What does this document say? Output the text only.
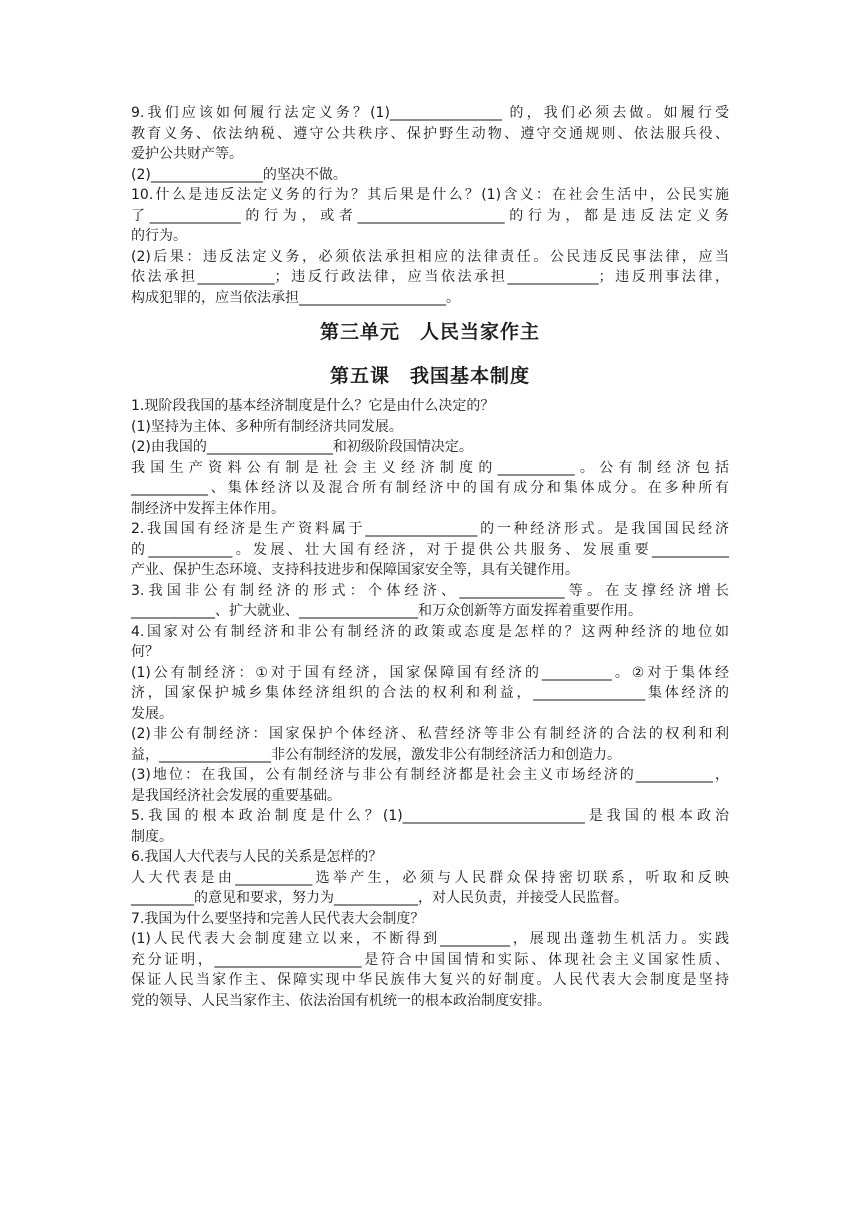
9.我们应该如何履行法定义务？(1)________________ 的，我们必须去做。如履行受
教育义务、依法纳税、遵守公共秩序、保护野生动物、遵守交通规则、依法服兵役、
爱护公共财产等。
(2)________________的坚决不做。
10.什么是违反法定义务的行为？其后果是什么？(1)含义：在社会生活中，公民实施
了_____________的行为，或者_____________________的行为，都是违反法定义务
的行为。
(2)后果：违反法定义务，必须依法承担相应的法律责任。公民违反民事法律，应当
依法承担___________；违反行政法律，应当依法承担_____________；违反刑事法律，
构成犯罪的，应当依法承担_____________________。
第三单元　人民当家作主
第五课　我国基本制度
1.现阶段我国的基本经济制度是什么？它是由什么决定的？
(1)坚持为主体、多种所有制经济共同发展。
(2)由我国的__________________和初级阶段国情决定。
我国生产资料公有制是社会主义经济制度的___________。公有制经济包括
___________、集体经济以及混合所有制经济中的国有成分和集体成分。在多种所有
制经济中发挥主体作用。
2.我国国有经济是生产资料属于________________的一种经济形式。是我国国民经济
的____________。发展、壮大国有经济，对于提供公共服务、发展重要___________
产业、保护生态环境、支持科技进步和保障国家安全等，具有关键作用。
3.我国非公有制经济的形式：个体经济、_______________等。在支撑经济增长
____________、扩大就业、_________________和万众创新等方面发挥着重要作用。
4.国家对公有制经济和非公有制经济的政策或态度是怎样的？这两种经济的地位如
何？
(1)公有制经济：①对于国有经济，国家保障国有经济的__________。②对于集体经
济，国家保护城乡集体经济组织的合法的权利和利益，________________集体经济的
发展。
(2)非公有制经济：国家保护个体经济、私营经济等非公有制经济的合法的权利和利
益，________________非公有制经济的发展，激发非公有制经济活力和创造力。
(3)地位：在我国，公有制经济与非公有制经济都是社会主义市场经济的___________，
是我国经济社会发展的重要基础。
5.我国的根本政治制度是什么？(1)__________________________是我国的根本政治
制度。
6.我国人大代表与人民的关系是怎样的？
人大代表是由___________选举产生，必须与人民群众保持密切联系，听取和反映
_________的意见和要求，努力为____________，对人民负责，并接受人民监督。
7.我国为什么要坚持和完善人民代表大会制度？
(1)人民代表大会制度建立以来，不断得到__________，展现出蓬勃生机活力。实践
充分证明，_____________________是符合中国国情和实际、体现社会主义国家性质、
保证人民当家作主、保障实现中华民族伟大复兴的好制度。人民代表大会制度是坚持
党的领导、人民当家作主、依法治国有机统一的根本政治制度安排。
